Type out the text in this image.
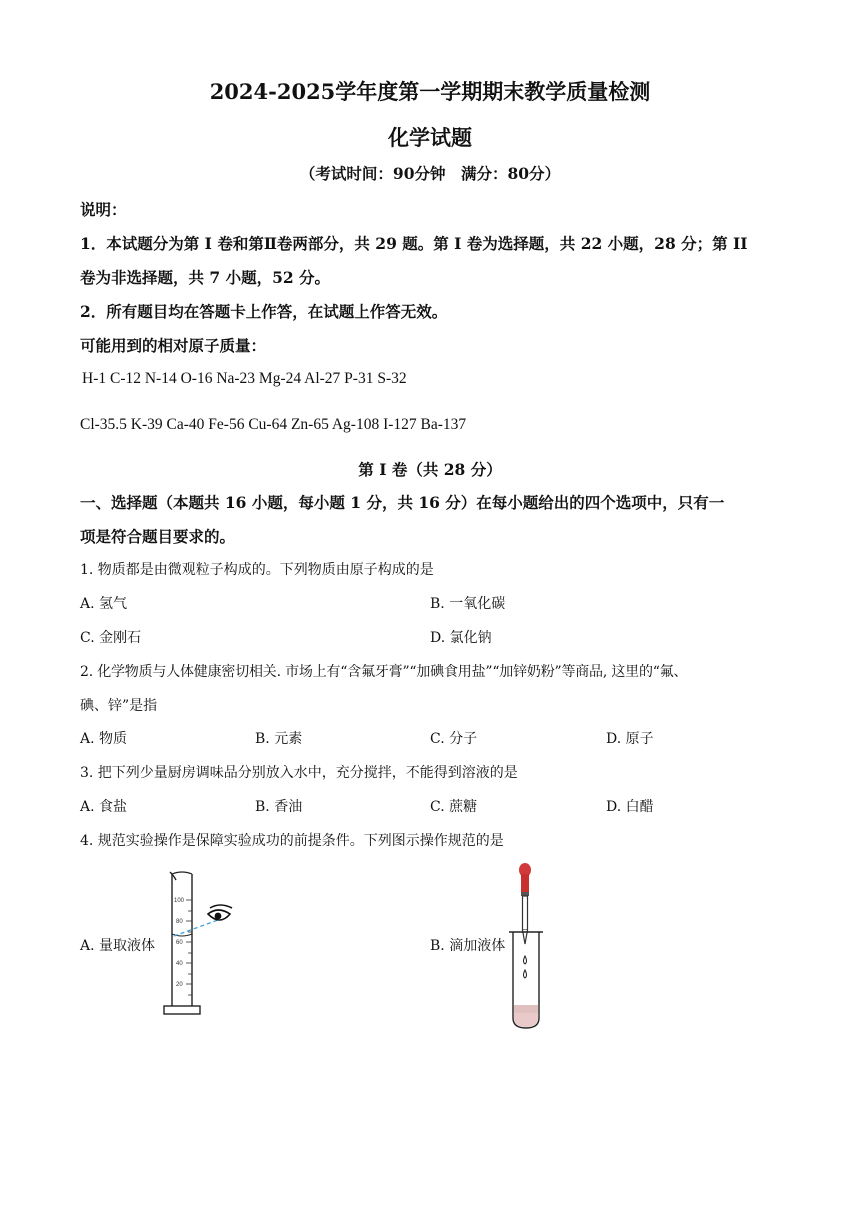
2024-2025学年度第一学期期末教学质量检测
化学试题
（考试时间：90分钟　满分：80分）
说明：
1．本试题分为第 I 卷和第Ⅱ卷两部分，共 29 题。第 I 卷为选择题，共 22 小题，28 分；第 II
卷为非选择题，共 7 小题，52 分。
2．所有题目均在答题卡上作答，在试题上作答无效。
可能用到的相对原子质量：
H-1 C-12 N-14 O-16 Na-23 Mg-24 Al-27 P-31 S-32
Cl-35.5 K-39 Ca-40 Fe-56 Cu-64 Zn-65 Ag-108 I-127 Ba-137
第 I 卷（共 28 分）
一、选择题（本题共 16 小题，每小题 1 分，共 16 分）在每小题给出的四个选项中，只有一
项是符合题目要求的。
1. 物质都是由微观粒子构成的。下列物质由原子构成的是
A. 氢气	B. 一氧化碳
C. 金刚石	D. 氯化钠
2. 化学物质与人体健康密切相关. 市场上有“含氟牙膏”“加碘食用盐”“加锌奶粉”等商品, 这里的“氟、
碘、锌”是指
A. 物质	B. 元素	C. 分子	D. 原子
3. 把下列少量厨房调味品分别放入水中，充分搅拌，不能得到溶液的是
A. 食盐	B. 香油	C. 蔗糖	D. 白醋
4. 规范实验操作是保障实验成功的前提条件。下列图示操作规范的是
A. 量取液体	B. 滴加液体
100
80
60
40
20
